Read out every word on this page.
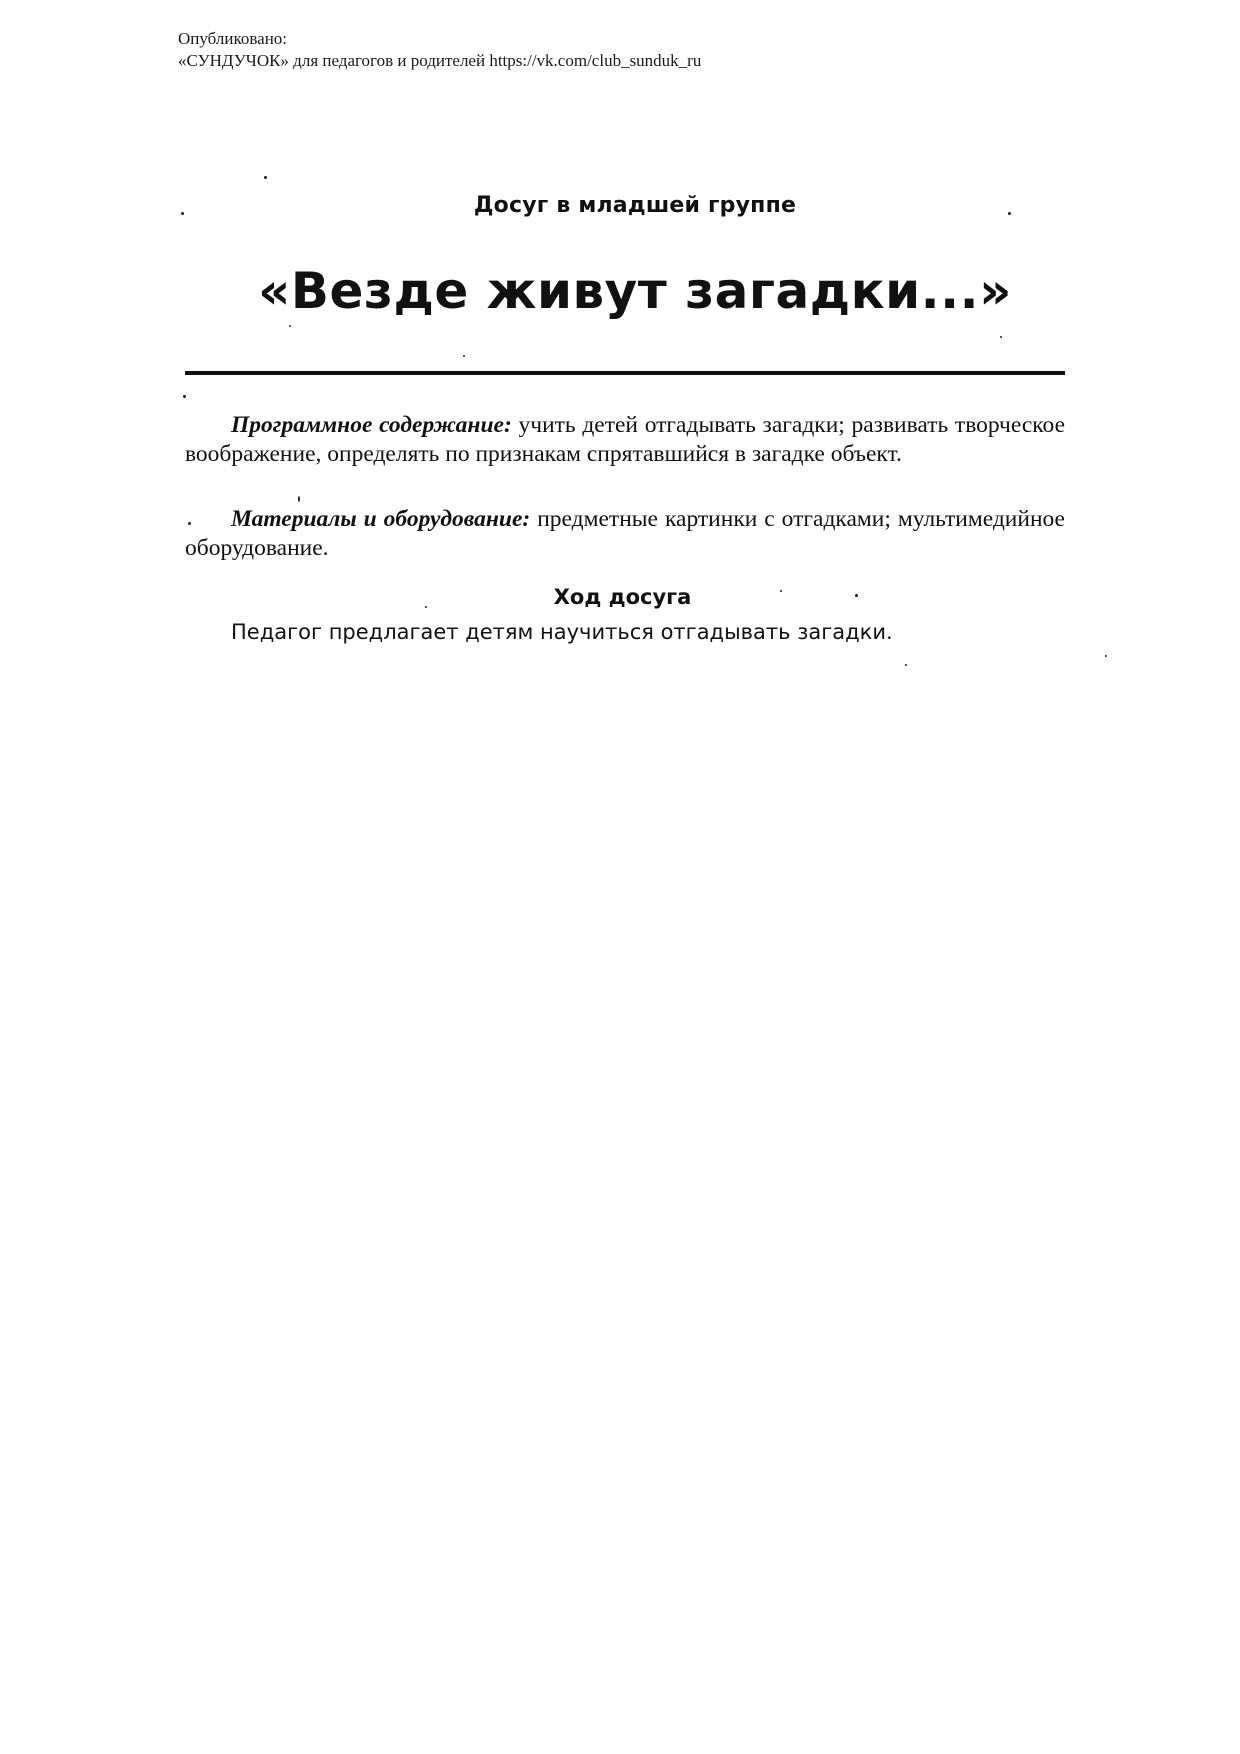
Опубликовано:
«СУНДУЧОК» для педагогов и родителей https://vk.com/club_sunduk_ru
Досуг в младшей группе
«Везде живут загадки...»

Программное содержание: учить детей отгадывать загадки; развивать творческое воображение, определять по признакам спрятавшийся в загадке объект.

Материалы и оборудование: предметные картинки с отгадками; мультимедийное оборудование.

Ход досуга
Педагог предлагает детям научиться отгадывать загадки.
